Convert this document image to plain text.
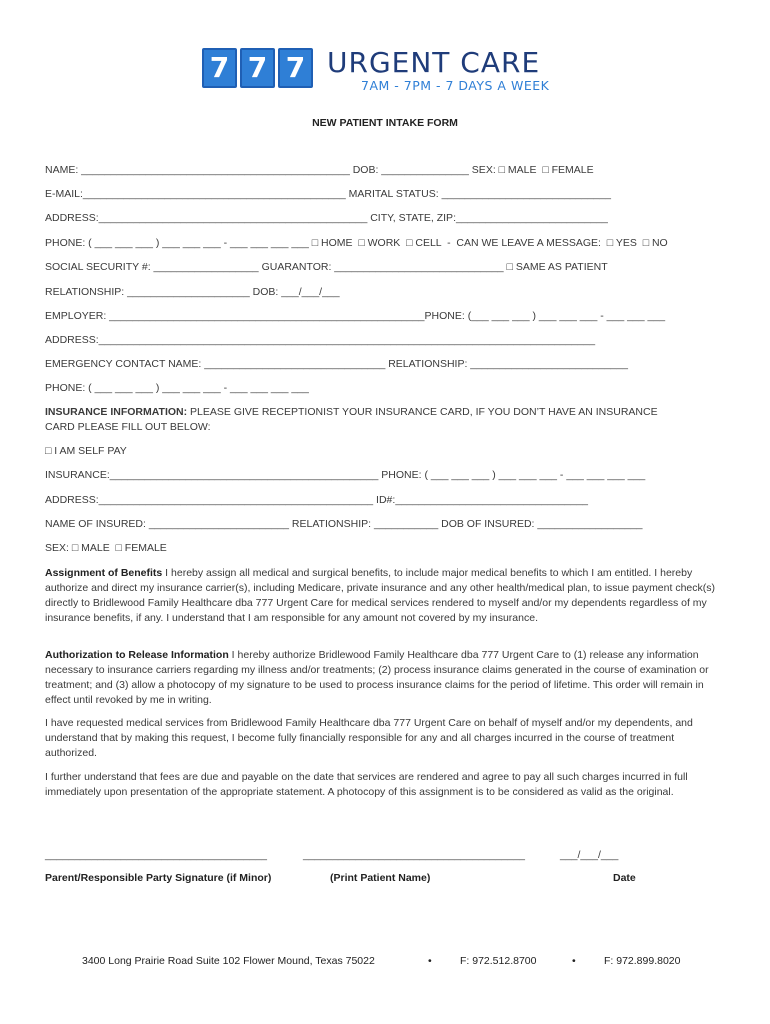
7 7 7 URGENT CARE
7AM - 7PM - 7 DAYS A WEEK
NEW PATIENT INTAKE FORM
NAME: ______________________________________________ DOB: _______________ SEX: □ MALE  □ FEMALE
E-MAIL:_____________________________________________ MARITAL STATUS: _____________________________
ADDRESS:______________________________________________ CITY, STATE, ZIP:__________________________
PHONE: ( ___ ___ ___ ) ___ ___ ___ - ___ ___ ___ ___ □ HOME  □ WORK  □ CELL  -  CAN WE LEAVE A MESSAGE:  □ YES  □ NO
SOCIAL SECURITY #: __________________ GUARANTOR: _____________________________ □ SAME AS PATIENT
RELATIONSHIP: _____________________ DOB: ___/___/___
EMPLOYER: ______________________________________________________PHONE: (___ ___ ___ ) ___ ___ ___ - ___ ___ ___
ADDRESS:_____________________________________________________________________________________
EMERGENCY CONTACT NAME: _______________________________ RELATIONSHIP: ___________________________
PHONE: ( ___ ___ ___ ) ___ ___ ___ - ___ ___ ___ ___
INSURANCE INFORMATION: PLEASE GIVE RECEPTIONIST YOUR INSURANCE CARD, IF YOU DON’T HAVE AN INSURANCE
CARD PLEASE FILL OUT BELOW:
□ I AM SELF PAY
INSURANCE:______________________________________________ PHONE: ( ___ ___ ___ ) ___ ___ ___ - ___ ___ ___ ___
ADDRESS:_______________________________________________ ID#:_________________________________
NAME OF INSURED: ________________________ RELATIONSHIP: ___________ DOB OF INSURED: __________________
SEX: □ MALE  □ FEMALE
Assignment of Benefits I hereby assign all medical and surgical benefits, to include major medical benefits to which I am entitled. I hereby authorize and direct my insurance carrier(s), including Medicare, private insurance and any other health/medical plan, to issue payment check(s) directly to Bridlewood Family Healthcare dba 777 Urgent Care for medical services rendered to myself and/or my dependents regardless of my insurance benefits, if any. I understand that I am responsible for any amount not covered by my insurance.
Authorization to Release Information I hereby authorize Bridlewood Family Healthcare dba 777 Urgent Care to (1) release any information necessary to insurance carriers regarding my illness and/or treatments; (2) process insurance claims generated in the course of examination or treatment; and (3) allow a photocopy of my signature to be used to process insurance claims for the period of lifetime. This order will remain in effect until revoked by me in writing.
I have requested medical services from Bridlewood Family Healthcare dba 777 Urgent Care on behalf of myself and/or my dependents, and understand that by making this request, I become fully financially responsible for any and all charges incurred in the course of treatment authorized.
I further understand that fees are due and payable on the date that services are rendered and agree to pay all such charges incurred in full immediately upon presentation of the appropriate statement. A photocopy of this assignment is to be considered as valid as the original.
______________________________________	______________________________________	___/___/___
Parent/Responsible Party Signature (if Minor)	(Print Patient Name)	Date
3400 Long Prairie Road Suite 102 Flower Mound, Texas 75022	•	F: 972.512.8700	•	F: 972.899.8020
